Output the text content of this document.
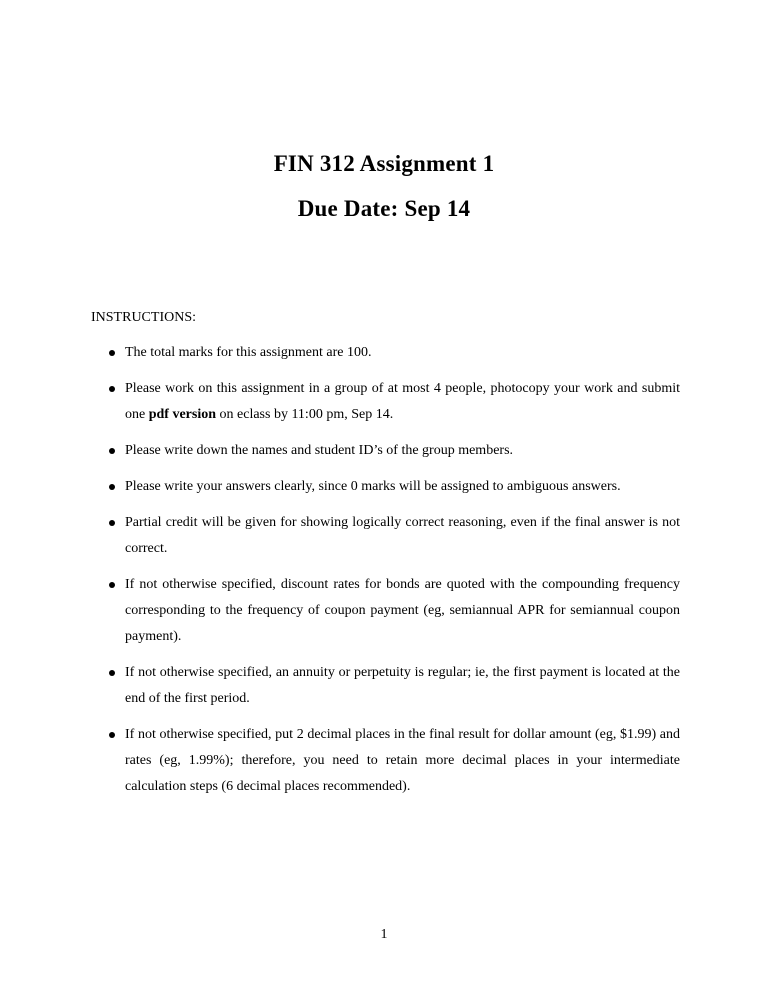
FIN 312 Assignment 1
Due Date: Sep 14
INSTRUCTIONS:
The total marks for this assignment are 100.
Please work on this assignment in a group of at most 4 people, photocopy your work and submit one pdf version on eclass by 11:00 pm, Sep 14.
Please write down the names and student ID’s of the group members.
Please write your answers clearly, since 0 marks will be assigned to ambiguous answers.
Partial credit will be given for showing logically correct reasoning, even if the final answer is not correct.
If not otherwise specified, discount rates for bonds are quoted with the compounding frequency corresponding to the frequency of coupon payment (eg, semiannual APR for semiannual coupon payment).
If not otherwise specified, an annuity or perpetuity is regular; ie, the first payment is located at the end of the first period.
If not otherwise specified, put 2 decimal places in the final result for dollar amount (eg, $1.99) and rates (eg, 1.99%); therefore, you need to retain more decimal places in your intermediate calculation steps (6 decimal places recommended).
1
